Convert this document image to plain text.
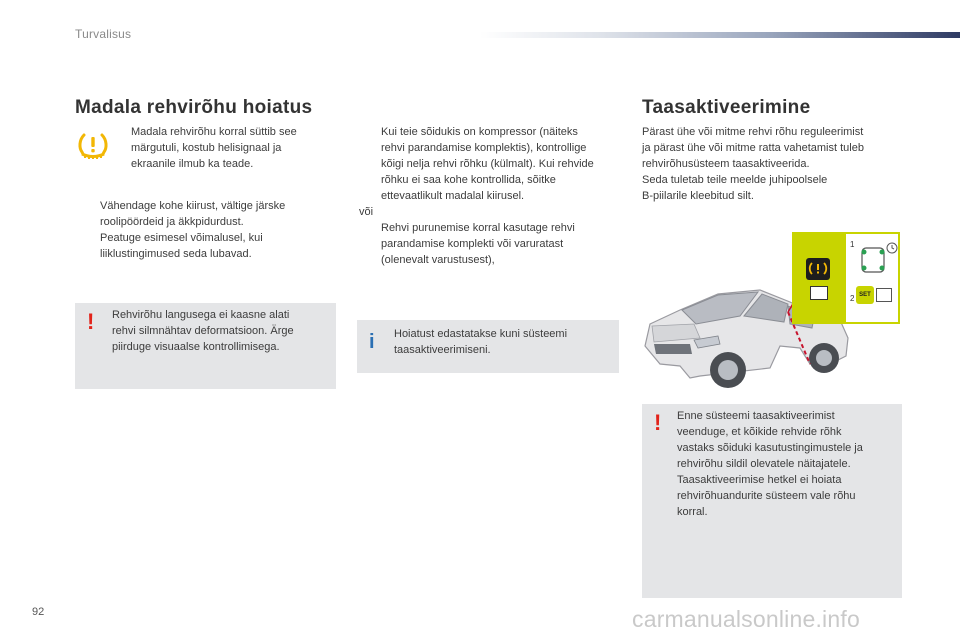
Turvalisus
Madala rehvirõhu hoiatus
Madala rehvirõhu korral süttib see
märgutuli, kostub helisignaal ja
ekraanile ilmub ka teade.
Vähendage kohe kiirust, vältige järske
roolipöördeid ja äkkpidurdust.
Peatuge esimesel võimalusel, kui
liiklustingimused seda lubavad.
! Rehvirõhu langusega ei kaasne alati
rehvi silmnähtav deformatsioon. Ärge
piirduge visuaalse kontrollimisega.
Kui teie sõidukis on kompressor (näiteks
rehvi parandamise komplektis), kontrollige
kõigi nelja rehvi rõhku (külmalt). Kui rehvide
rõhku ei saa kohe kontrollida, sõitke
ettevaatlikult madalal kiirusel.
või
Rehvi purunemise korral kasutage rehvi
parandamise komplekti või varuratast
(olenevalt varustusest),
i Hoiatust edastatakse kuni süsteemi
taasaktiveerimiseni.
Taasaktiveerimine
Pärast ühe või mitme rehvi rõhu reguleerimist
ja pärast ühe või mitme ratta vahetamist tuleb
rehvirõhusüsteem taasaktiveerida.
Seda tuletab teile meelde juhipoolsele
B-piilarile kleebitud silt.
1
2 SET
! Enne süsteemi taasaktiveerimist
veenduge, et kõikide rehvide rõhk
vastaks sõiduki kasutustingimustele ja
rehvirõhu sildil olevatele näitajatele.
Taasaktiveerimise hetkel ei hoiata
rehvirõhuandurite süsteem vale rõhu
korral.
92	carmanualsonline.info
